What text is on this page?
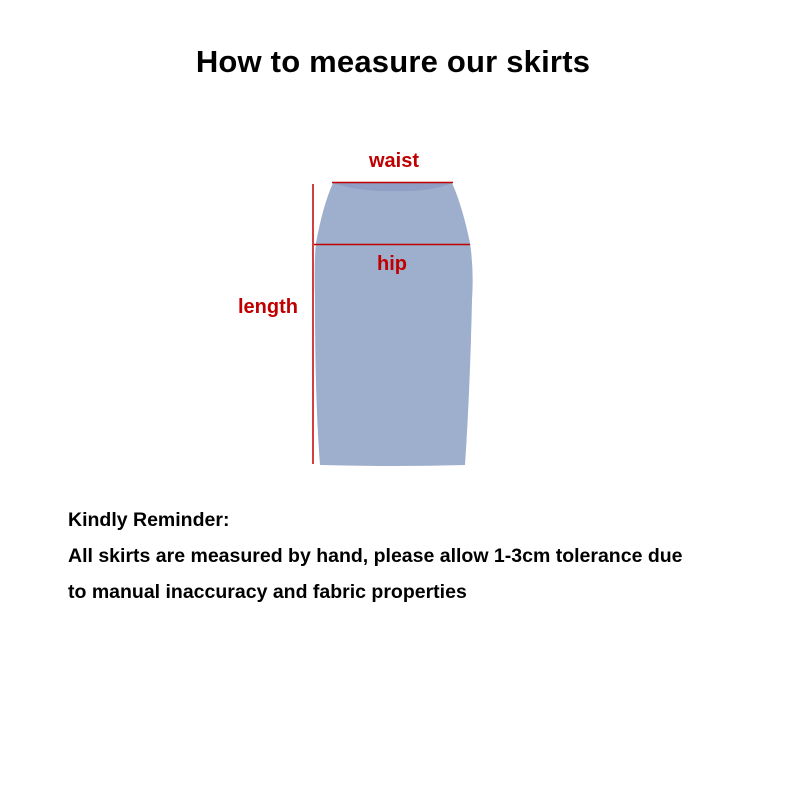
How to measure our skirts
waist
hip
length

Kindly Reminder:

All skirts are measured by hand, please allow 1-3cm tolerance due

to manual inaccuracy and fabric properties
